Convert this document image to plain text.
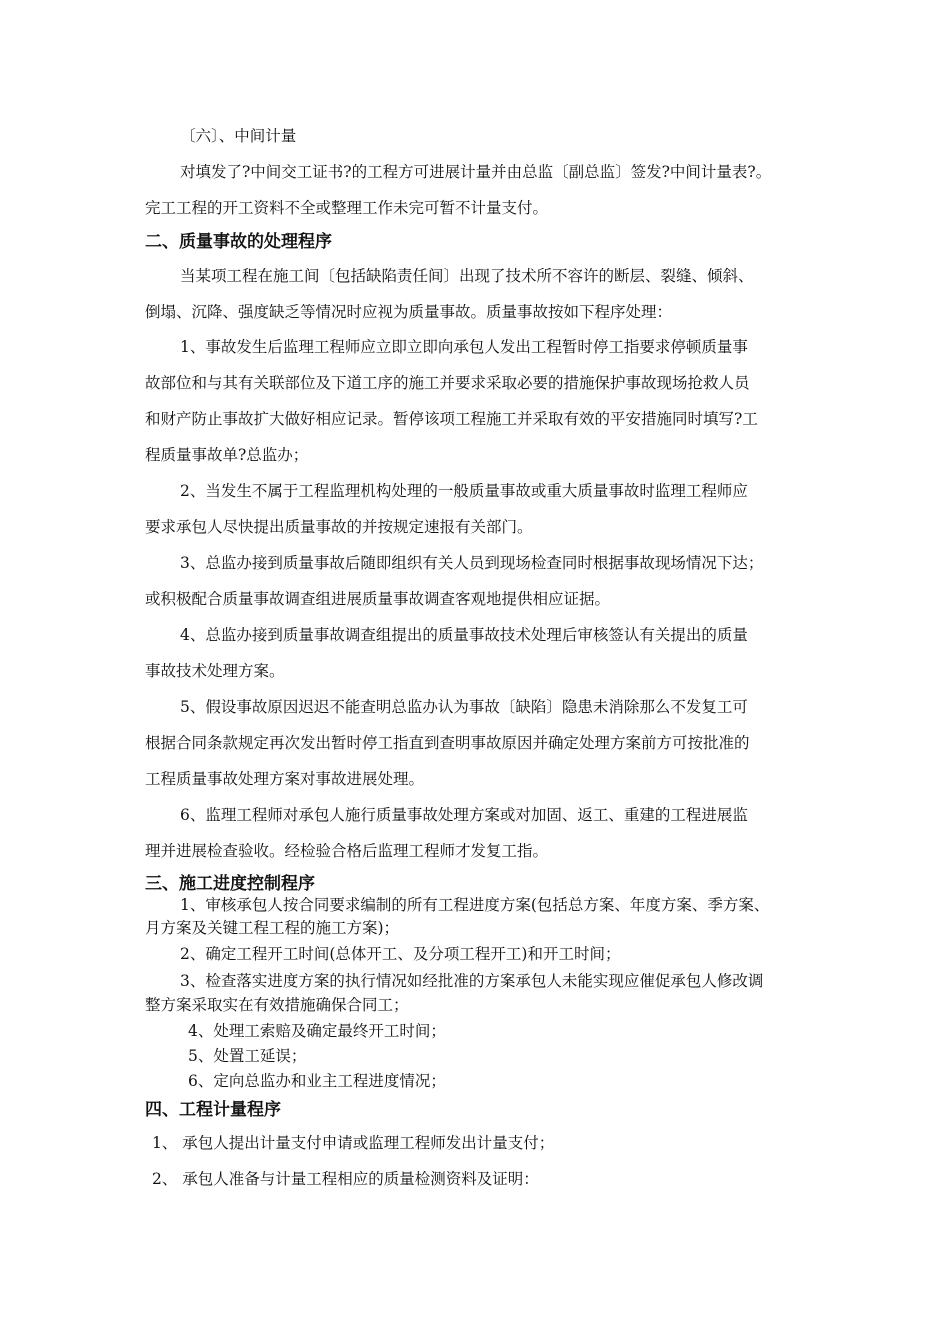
〔六〕、中间计量
对填发了?中间交工证书?的工程方可进展计量并由总监〔副总监〕签发?中间计量表?。
完工工程的开工资料不全或整理工作未完可暂不计量支付。
二、质量事故的处理程序
当某项工程在施工间〔包括缺陷责任间〕出现了技术所不容许的断层、裂缝、倾斜、
倒塌、沉降、强度缺乏等情况时应视为质量事故。质量事故按如下程序处理：
1、事故发生后监理工程师应立即立即向承包人发出工程暂时停工指要求停顿质量事
故部位和与其有关联部位及下道工序的施工并要求采取必要的措施保护事故现场抢救人员
和财产防止事故扩大做好相应记录。暂停该项工程施工并采取有效的平安措施同时填写?工
程质量事故单?总监办；
2、当发生不属于工程监理机构处理的一般质量事故或重大质量事故时监理工程师应
要求承包人尽快提出质量事故的并按规定速报有关部门。
3、总监办接到质量事故后随即组织有关人员到现场检查同时根据事故现场情况下达；
或积极配合质量事故调查组进展质量事故调查客观地提供相应证据。
4、总监办接到质量事故调查组提出的质量事故技术处理后审核签认有关提出的质量
事故技术处理方案。
5、假设事故原因迟迟不能查明总监办认为事故〔缺陷〕隐患未消除那么不发复工可
根据合同条款规定再次发出暂时停工指直到查明事故原因并确定处理方案前方可按批准的
工程质量事故处理方案对事故进展处理。
6、监理工程师对承包人施行质量事故处理方案或对加固、返工、重建的工程进展监
理并进展检查验收。经检验合格后监理工程师才发复工指。
三、施工进度控制程序
1、审核承包人按合同要求编制的所有工程进度方案(包括总方案、年度方案、季方案、
月方案及关键工程工程的施工方案)；
2、确定工程开工时间(总体开工、及分项工程开工)和开工时间；
3、检查落实进度方案的执行情况如经批准的方案承包人未能实现应催促承包人修改调
整方案采取实在有效措施确保合同工；
4、处理工索赔及确定最终开工时间；
5、处置工延误；
6、定向总监办和业主工程进度情况；
四、工程计量程序
1、 承包人提出计量支付申请或监理工程师发出计量支付；
2、 承包人准备与计量工程相应的质量检测资料及证明：
